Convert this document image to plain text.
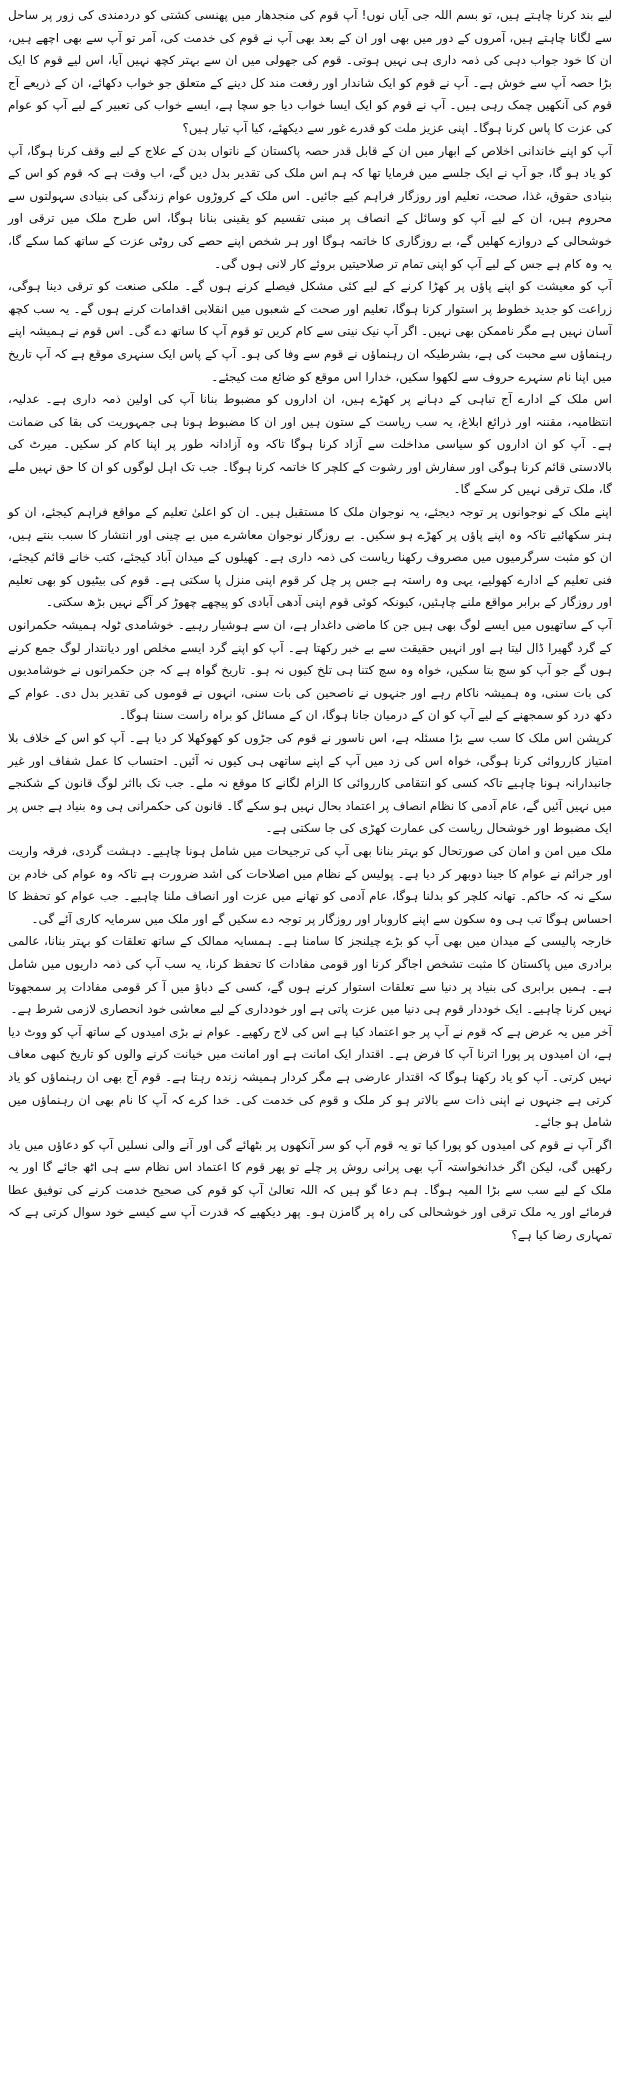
لیے بند کرنا چاہتے ہیں، تو بسم اللہ جی آیاں نوں! آپ قوم کی منجدھار میں پھنسی کشتی کو دردمندی کی زور پر ساحل سے لگانا چاہتے ہیں، آمروں کے دور میں بھی اور ان کے بعد بھی آپ نے قوم کی خدمت کی، آمر تو آپ سے بھی اچھے ہیں، ان کا خود جواب دہی کی ذمہ داری ہی نہیں ہوتی۔ قوم کی جھولی میں ان سے بہتر کچھ نہیں آیا، اس لیے قوم کا ایک بڑا حصہ آپ سے خوش ہے۔ آپ نے قوم کو ایک شاندار اور رفعت مند کل دینے کے متعلق جو خواب دکھائے، ان کے ذریعے آج قوم کی آنکھیں چمک رہی ہیں۔ آپ نے قوم کو ایک ایسا خواب دیا جو سچا ہے، ایسے خواب کی تعبیر کے لیے آپ کو عوام کی عزت کا پاس کرنا ہوگا۔ اپنی عزیز ملت کو قدرے غور سے دیکھئے، کیا آپ تیار ہیں؟

آپ کو اپنے خاندانی اخلاص کے ابھار میں ان کے قابل قدر حصہ پاکستان کے ناتواں بدن کے علاج کے لیے وقف کرنا ہوگا، آپ کو یاد ہو گا، جو آپ نے ایک جلسے میں فرمایا تھا کہ ہم اس ملک کی تقدیر بدل دیں گے، اب وقت ہے کہ قوم کو اس کے بنیادی حقوق، غذا، صحت، تعلیم اور روزگار فراہم کیے جائیں۔ اس ملک کے کروڑوں عوام زندگی کی بنیادی سہولتوں سے محروم ہیں، ان کے لیے آپ کو وسائل کے انصاف پر مبنی تقسیم کو یقینی بنانا ہوگا، اس طرح ملک میں ترقی اور خوشحالی کے دروازے کھلیں گے، بے روزگاری کا خاتمہ ہوگا اور ہر شخص اپنے حصے کی روٹی عزت کے ساتھ کما سکے گا، یہ وہ کام ہے جس کے لیے آپ کو اپنی تمام تر صلاحیتیں بروئے کار لانی ہوں گی۔

آپ کو معیشت کو اپنے پاؤں پر کھڑا کرنے کے لیے کئی مشکل فیصلے کرنے ہوں گے۔ ملکی صنعت کو ترقی دینا ہوگی، زراعت کو جدید خطوط پر استوار کرنا ہوگا، تعلیم اور صحت کے شعبوں میں انقلابی اقدامات کرنے ہوں گے۔ یہ سب کچھ آسان نہیں ہے مگر ناممکن بھی نہیں۔ اگر آپ نیک نیتی سے کام کریں تو قوم آپ کا ساتھ دے گی۔ اس قوم نے ہمیشہ اپنے رہنماؤں سے محبت کی ہے، بشرطیکہ ان رہنماؤں نے قوم سے وفا کی ہو۔ آپ کے پاس ایک سنہری موقع ہے کہ آپ تاریخ میں اپنا نام سنہرے حروف سے لکھوا سکیں، خدارا اس موقع کو ضائع مت کیجئے۔

اس ملک کے ادارے آج تباہی کے دہانے پر کھڑے ہیں، ان اداروں کو مضبوط بنانا آپ کی اولین ذمہ داری ہے۔ عدلیہ، انتظامیہ، مقننہ اور ذرائع ابلاغ، یہ سب ریاست کے ستون ہیں اور ان کا مضبوط ہونا ہی جمہوریت کی بقا کی ضمانت ہے۔ آپ کو ان اداروں کو سیاسی مداخلت سے آزاد کرنا ہوگا تاکہ وہ آزادانہ طور پر اپنا کام کر سکیں۔ میرٹ کی بالادستی قائم کرنا ہوگی اور سفارش اور رشوت کے کلچر کا خاتمہ کرنا ہوگا۔ جب تک اہل لوگوں کو ان کا حق نہیں ملے گا، ملک ترقی نہیں کر سکے گا۔

اپنے ملک کے نوجوانوں پر توجہ دیجئے، یہ نوجوان ملک کا مستقبل ہیں۔ ان کو اعلیٰ تعلیم کے مواقع فراہم کیجئے، ان کو ہنر سکھائیے تاکہ وہ اپنے پاؤں پر کھڑے ہو سکیں۔ بے روزگار نوجوان معاشرے میں بے چینی اور انتشار کا سبب بنتے ہیں، ان کو مثبت سرگرمیوں میں مصروف رکھنا ریاست کی ذمہ داری ہے۔ کھیلوں کے میدان آباد کیجئے، کتب خانے قائم کیجئے، فنی تعلیم کے ادارے کھولیے، یہی وہ راستہ ہے جس پر چل کر قوم اپنی منزل پا سکتی ہے۔ قوم کی بیٹیوں کو بھی تعلیم اور روزگار کے برابر مواقع ملنے چاہئیں، کیونکہ کوئی قوم اپنی آدھی آبادی کو پیچھے چھوڑ کر آگے نہیں بڑھ سکتی۔

آپ کے ساتھیوں میں ایسے لوگ بھی ہیں جن کا ماضی داغدار ہے، ان سے ہوشیار رہیے۔ خوشامدی ٹولہ ہمیشہ حکمرانوں کے گرد گھیرا ڈال لیتا ہے اور انہیں حقیقت سے بے خبر رکھتا ہے۔ آپ کو اپنے گرد ایسے مخلص اور دیانتدار لوگ جمع کرنے ہوں گے جو آپ کو سچ بتا سکیں، خواہ وہ سچ کتنا ہی تلخ کیوں نہ ہو۔ تاریخ گواہ ہے کہ جن حکمرانوں نے خوشامدیوں کی بات سنی، وہ ہمیشہ ناکام رہے اور جنہوں نے ناصحین کی بات سنی، انہوں نے قوموں کی تقدیر بدل دی۔ عوام کے دکھ درد کو سمجھنے کے لیے آپ کو ان کے درمیان جانا ہوگا، ان کے مسائل کو براہ راست سننا ہوگا۔

کرپشن اس ملک کا سب سے بڑا مسئلہ ہے، اس ناسور نے قوم کی جڑوں کو کھوکھلا کر دیا ہے۔ آپ کو اس کے خلاف بلا امتیاز کارروائی کرنا ہوگی، خواہ اس کی زد میں آپ کے اپنے ساتھی ہی کیوں نہ آئیں۔ احتساب کا عمل شفاف اور غیر جانبدارانہ ہونا چاہیے تاکہ کسی کو انتقامی کارروائی کا الزام لگانے کا موقع نہ ملے۔ جب تک بااثر لوگ قانون کے شکنجے میں نہیں آئیں گے، عام آدمی کا نظام انصاف پر اعتماد بحال نہیں ہو سکے گا۔ قانون کی حکمرانی ہی وہ بنیاد ہے جس پر ایک مضبوط اور خوشحال ریاست کی عمارت کھڑی کی جا سکتی ہے۔

ملک میں امن و امان کی صورتحال کو بہتر بنانا بھی آپ کی ترجیحات میں شامل ہونا چاہیے۔ دہشت گردی، فرقہ واریت اور جرائم نے عوام کا جینا دوبھر کر دیا ہے۔ پولیس کے نظام میں اصلاحات کی اشد ضرورت ہے تاکہ وہ عوام کی خادم بن سکے نہ کہ حاکم۔ تھانہ کلچر کو بدلنا ہوگا، عام آدمی کو تھانے میں عزت اور انصاف ملنا چاہیے۔ جب عوام کو تحفظ کا احساس ہوگا تب ہی وہ سکون سے اپنے کاروبار اور روزگار پر توجہ دے سکیں گے اور ملک میں سرمایہ کاری آئے گی۔

خارجہ پالیسی کے میدان میں بھی آپ کو بڑے چیلنجز کا سامنا ہے۔ ہمسایہ ممالک کے ساتھ تعلقات کو بہتر بنانا، عالمی برادری میں پاکستان کا مثبت تشخص اجاگر کرنا اور قومی مفادات کا تحفظ کرنا، یہ سب آپ کی ذمہ داریوں میں شامل ہے۔ ہمیں برابری کی بنیاد پر دنیا سے تعلقات استوار کرنے ہوں گے، کسی کے دباؤ میں آ کر قومی مفادات پر سمجھوتا نہیں کرنا چاہیے۔ ایک خوددار قوم ہی دنیا میں عزت پاتی ہے اور خودداری کے لیے معاشی خود انحصاری لازمی شرط ہے۔

آخر میں یہ عرض ہے کہ قوم نے آپ پر جو اعتماد کیا ہے اس کی لاج رکھیے۔ عوام نے بڑی امیدوں کے ساتھ آپ کو ووٹ دیا ہے، ان امیدوں پر پورا اترنا آپ کا فرض ہے۔ اقتدار ایک امانت ہے اور امانت میں خیانت کرنے والوں کو تاریخ کبھی معاف نہیں کرتی۔ آپ کو یاد رکھنا ہوگا کہ اقتدار عارضی ہے مگر کردار ہمیشہ زندہ رہتا ہے۔ قوم آج بھی ان رہنماؤں کو یاد کرتی ہے جنہوں نے اپنی ذات سے بالاتر ہو کر ملک و قوم کی خدمت کی۔ خدا کرے کہ آپ کا نام بھی ان رہنماؤں میں شامل ہو جائے۔

اگر آپ نے قوم کی امیدوں کو پورا کیا تو یہ قوم آپ کو سر آنکھوں پر بٹھائے گی اور آنے والی نسلیں آپ کو دعاؤں میں یاد رکھیں گی، لیکن اگر خدانخواستہ آپ بھی پرانی روش پر چلے تو پھر قوم کا اعتماد اس نظام سے ہی اٹھ جائے گا اور یہ ملک کے لیے سب سے بڑا المیہ ہوگا۔ ہم دعا گو ہیں کہ اللہ تعالیٰ آپ کو قوم کی صحیح خدمت کرنے کی توفیق عطا فرمائے اور یہ ملک ترقی اور خوشحالی کی راہ پر گامزن ہو۔ پھر دیکھیے کہ قدرت آپ سے کیسے خود سوال کرتی ہے کہ تمہاری رضا کیا ہے؟
